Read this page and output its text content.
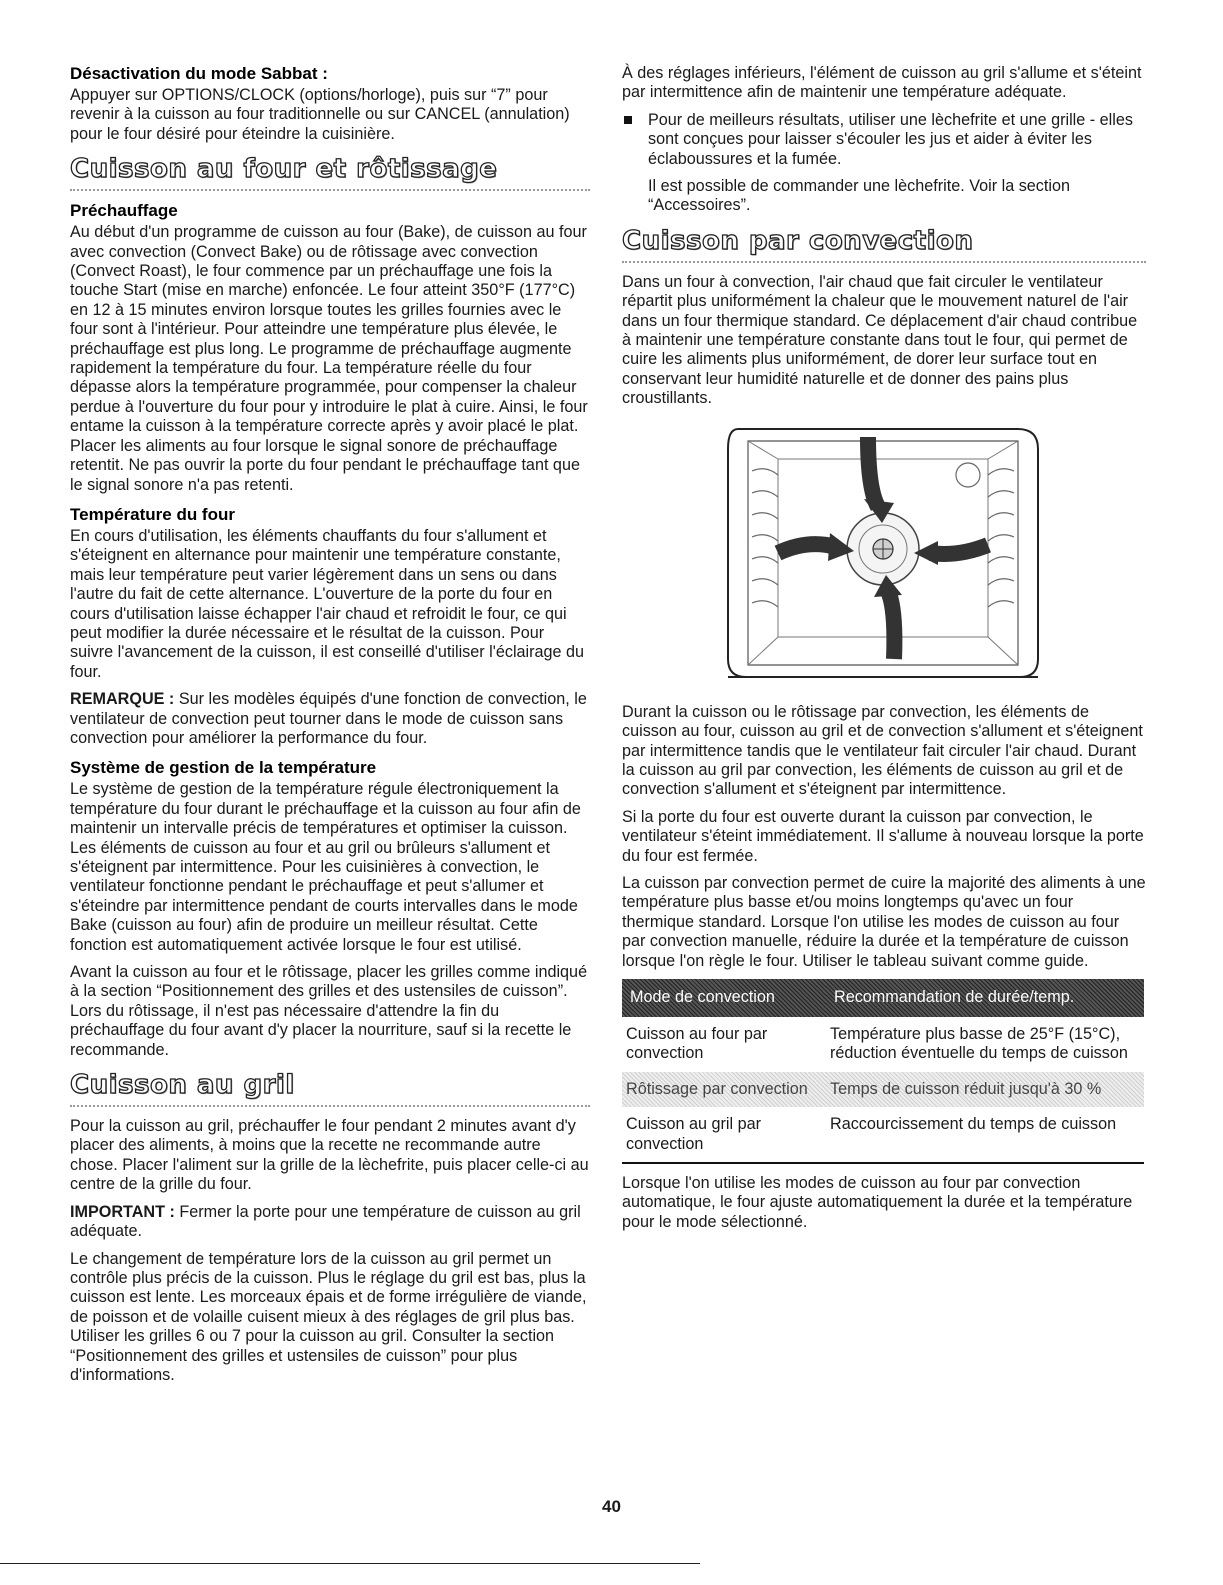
Désactivation du mode Sabbat :

Appuyer sur OPTIONS/CLOCK (options/horloge), puis sur “7” pour revenir à la cuisson au four traditionnelle ou sur CANCEL (annulation) pour le four désiré pour éteindre la cuisinière.

Cuisson au four et rôtissage
Préchauffage

Au début d'un programme de cuisson au four (Bake), de cuisson au four avec convection (Convect Bake) ou de rôtissage avec convection (Convect Roast), le four commence par un préchauffage une fois la touche Start (mise en marche) enfoncée. Le four atteint 350°F (177°C) en 12 à 15 minutes environ lorsque toutes les grilles fournies avec le four sont à l'intérieur. Pour atteindre une température plus élevée, le préchauffage est plus long. Le programme de préchauffage augmente rapidement la température du four. La température réelle du four dépasse alors la température programmée, pour compenser la chaleur perdue à l'ouverture du four pour y introduire le plat à cuire. Ainsi, le four entame la cuisson à la température correcte après y avoir placé le plat. Placer les aliments au four lorsque le signal sonore de préchauffage retentit. Ne pas ouvrir la porte du four pendant le préchauffage tant que le signal sonore n'a pas retenti.

Température du four

En cours d'utilisation, les éléments chauffants du four s'allument et s'éteignent en alternance pour maintenir une température constante, mais leur température peut varier légèrement dans un sens ou dans l'autre du fait de cette alternance. L'ouverture de la porte du four en cours d'utilisation laisse échapper l'air chaud et refroidit le four, ce qui peut modifier la durée nécessaire et le résultat de la cuisson. Pour suivre l'avancement de la cuisson, il est conseillé d'utiliser l'éclairage du four.

REMARQUE : Sur les modèles équipés d'une fonction de convection, le ventilateur de convection peut tourner dans le mode de cuisson sans convection pour améliorer la performance du four.

Système de gestion de la température

Le système de gestion de la température régule électroniquement la température du four durant le préchauffage et la cuisson au four afin de maintenir un intervalle précis de températures et optimiser la cuisson. Les éléments de cuisson au four et au gril ou brûleurs s'allument et s'éteignent par intermittence. Pour les cuisinières à convection, le ventilateur fonctionne pendant le préchauffage et peut s'allumer et s'éteindre par intermittence pendant de courts intervalles dans le mode Bake (cuisson au four) afin de produire un meilleur résultat. Cette fonction est automatiquement activée lorsque le four est utilisé.

Avant la cuisson au four et le rôtissage, placer les grilles comme indiqué à la section “Positionnement des grilles et des ustensiles de cuisson”. Lors du rôtissage, il n'est pas nécessaire d'attendre la fin du préchauffage du four avant d'y placer la nourriture, sauf si la recette le recommande.

Cuisson au gril

Pour la cuisson au gril, préchauffer le four pendant 2 minutes avant d'y placer des aliments, à moins que la recette ne recommande autre chose. Placer l'aliment sur la grille de la lèchefrite, puis placer celle-ci au centre de la grille du four.

IMPORTANT : Fermer la porte pour une température de cuisson au gril adéquate.

Le changement de température lors de la cuisson au gril permet un contrôle plus précis de la cuisson. Plus le réglage du gril est bas, plus la cuisson est lente. Les morceaux épais et de forme irrégulière de viande, de poisson et de volaille cuisent mieux à des réglages de gril plus bas. Utiliser les grilles 6 ou 7 pour la cuisson au gril. Consulter la section “Positionnement des grilles et ustensiles de cuisson” pour plus d'informations.

À des réglages inférieurs, l'élément de cuisson au gril s'allume et s'éteint par intermittence afin de maintenir une température adéquate.

Pour de meilleurs résultats, utiliser une lèchefrite et une grille - elles sont conçues pour laisser s'écouler les jus et aider à éviter les éclaboussures et la fumée.

Il est possible de commander une lèchefrite. Voir la section “Accessoires”.

Cuisson par convection

Dans un four à convection, l'air chaud que fait circuler le ventilateur répartit plus uniformément la chaleur que le mouvement naturel de l'air dans un four thermique standard. Ce déplacement d'air chaud contribue à maintenir une température constante dans tout le four, qui permet de cuire les aliments plus uniformément, de dorer leur surface tout en conservant leur humidité naturelle et de donner des pains plus croustillants.

Durant la cuisson ou le rôtissage par convection, les éléments de cuisson au four, cuisson au gril et de convection s'allument et s'éteignent par intermittence tandis que le ventilateur fait circuler l'air chaud. Durant la cuisson au gril par convection, les éléments de cuisson au gril et de convection s'allument et s'éteignent par intermittence.

Si la porte du four est ouverte durant la cuisson par convection, le ventilateur s'éteint immédiatement. Il s'allume à nouveau lorsque la porte du four est fermée.

La cuisson par convection permet de cuire la majorité des aliments à une température plus basse et/ou moins longtemps qu'avec un four thermique standard. Lorsque l'on utilise les modes de cuisson au four par convection manuelle, réduire la durée et la température de cuisson lorsque l'on règle le four. Utiliser le tableau suivant comme guide.

Mode de convection	Recommandation de durée/temp.
Cuisson au four par convection	Température plus basse de 25°F (15°C), réduction éventuelle du temps de cuisson
Rôtissage par convection	Temps de cuisson réduit jusqu'à 30 %
Cuisson au gril par convection	Raccourcissement du temps de cuisson

Lorsque l'on utilise les modes de cuisson au four par convection automatique, le four ajuste automatiquement la durée et la température pour le mode sélectionné.

40
